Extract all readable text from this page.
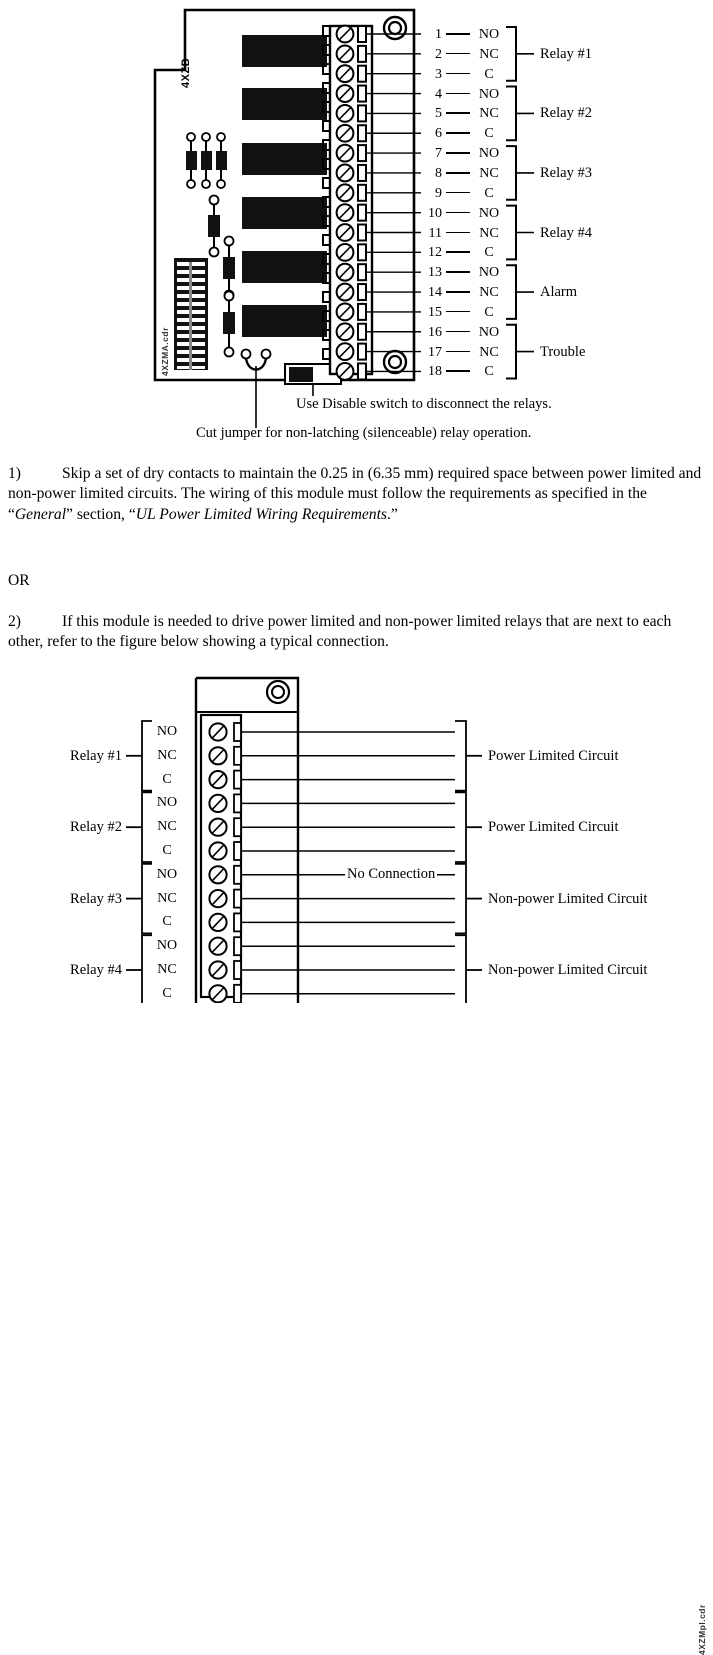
1	NO
2	NC
3	C
4	NO
5	NC
6	C
7	NO
8	NC
9	C
10	NO
11	NC
12	C
13	NO
14	NC
15	C
16	NO
17	NC
18	C
Relay #1
Relay #2
Relay #3
Relay #4
Alarm
Trouble
4XZB
4XZMA.cdr
Use Disable switch to disconnect the relays.
Cut jumper for non-latching (silenceable) relay operation.
1)	Skip a set of dry contacts to maintain the 0.25 in (6.35 mm) required space between power limited and non-power limited circuits. The wiring of this module must follow the requirements as specified in the “General” section, “UL Power Limited Wiring Requirements.”
OR
2)	If this module is needed to drive power limited and non-power limited relays that are next to each other, refer to the figure below showing a typical connection.
NO
NC
C
Relay #1	Power Limited Circuit
NO
NC
C
Relay #2	Power Limited Circuit
NO
NC
C
Relay #3	Non-power Limited Circuit
NO
NC
C
Relay #4	Non-power Limited Circuit
No Connection
4XZMpl.cdr
